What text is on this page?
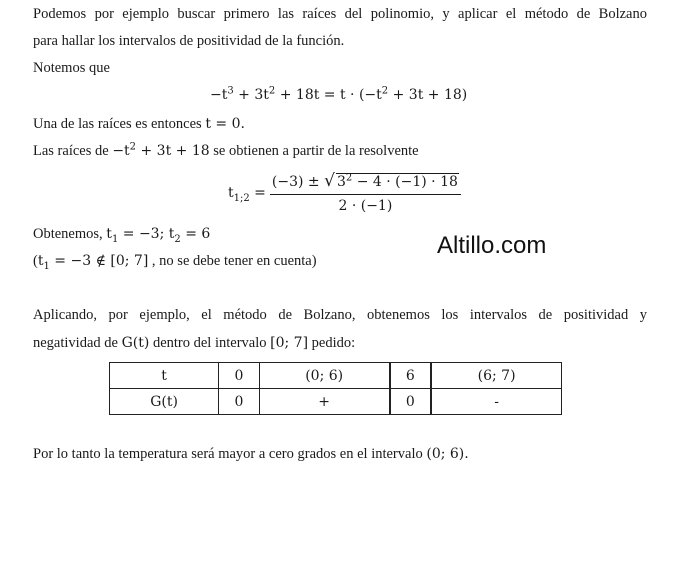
Podemos por ejemplo buscar primero las raíces del polinomio, y aplicar el método de Bolzano
para hallar los intervalos de positividad de la función.
Notemos que
$-t^3 + 3t^2 + 18t = t \cdot (-t^2 + 3t + 18)$
Una de las raíces es entonces t = 0.
Las raíces de $-t^2 + 3t + 18$ se obtienen a partir de la resolvente
$t_{1;2} = \frac{(-3) \pm √ 3^2 - 4 \cdot (-1) \cdot 18}{2 \cdot (-1)}$
Obtenemos, $t_1 = -3$; $t_2 = 6$
($t_1 = -3$ ∉ [0; 7] , no se debe tener en cuenta)
Altillo.com
Aplicando, por ejemplo, el método de Bolzano, obtenemos los intervalos de positividad y
negatividad de G(t) dentro del intervalo [0; 7] pedido:
t	0	(0; 6)	6	(6; 7)
G(t)	0	+	0	-
Por lo tanto la temperatura será mayor a cero grados en el intervalo (0; 6).
